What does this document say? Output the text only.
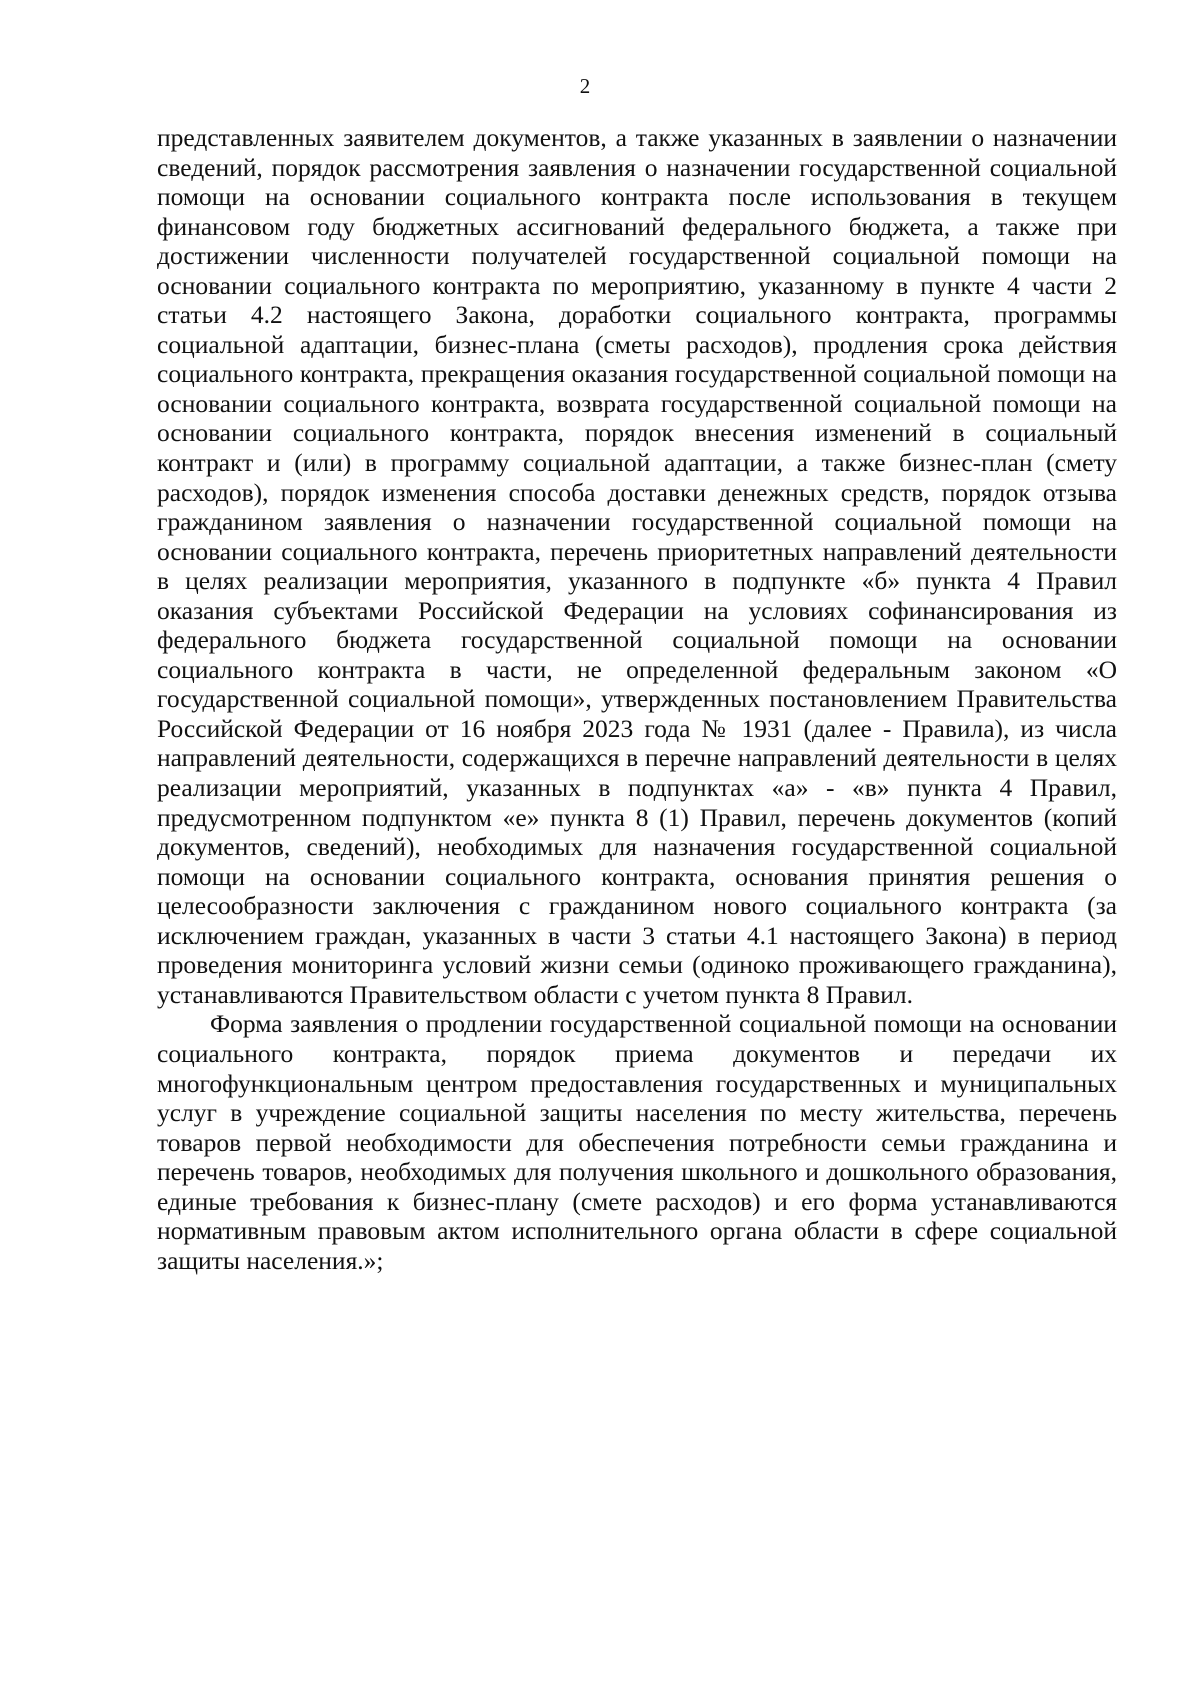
2

представленных заявителем документов, а также указанных в заявлении о назначении сведений, порядок рассмотрения заявления о назначении государственной социальной помощи на основании социального контракта после использования в текущем финансовом году бюджетных ассигнований федерального бюджета, а также при достижении численности получателей государственной социальной помощи на основании социального контракта по мероприятию, указанному в пункте 4 части 2 статьи 4.2 настоящего Закона, доработки социального контракта, программы социальной адаптации, бизнес-плана (сметы расходов), продления срока действия социального контракта, прекращения оказания государственной социальной помощи на основании социального контракта, возврата государственной социальной помощи на основании социального контракта, порядок внесения изменений в социальный контракт и (или) в программу социальной адаптации, а также бизнес-план (смету расходов), порядок изменения способа доставки денежных средств, порядок отзыва гражданином заявления о назначении государственной социальной помощи на основании социального контракта, перечень приоритетных направлений деятельности в целях реализации мероприятия, указанного в подпункте «б» пункта 4 Правил оказания субъектами Российской Федерации на условиях софинансирования из федерального бюджета государственной социальной помощи на основании социального контракта в части, не определенной федеральным законом «О государственной социальной помощи», утвержденных постановлением Правительства Российской Федерации от 16 ноября 2023 года № 1931 (далее - Правила), из числа направлений деятельности, содержащихся в перечне направлений деятельности в целях реализации мероприятий, указанных в подпунктах «а» - «в» пункта 4 Правил, предусмотренном подпунктом «е» пункта 8 (1) Правил, перечень документов (копий документов, сведений), необходимых для назначения государственной социальной помощи на основании социального контракта, основания принятия решения о целесообразности заключения с гражданином нового социального контракта (за исключением граждан, указанных в части 3 статьи 4.1 настоящего Закона) в период проведения мониторинга условий жизни семьи (одиноко проживающего гражданина), устанавливаются Правительством области с учетом пункта 8 Правил.

Форма заявления о продлении государственной социальной помощи на основании социального контракта, порядок приема документов и передачи их многофункциональным центром предоставления государственных и муниципальных услуг в учреждение социальной защиты населения по месту жительства, перечень товаров первой необходимости для обеспечения потребности семьи гражданина и перечень товаров, необходимых для получения школьного и дошкольного образования, единые требования к бизнес-плану (смете расходов) и его форма устанавливаются нормативным правовым актом исполнительного органа области в сфере социальной защиты населения.»;
